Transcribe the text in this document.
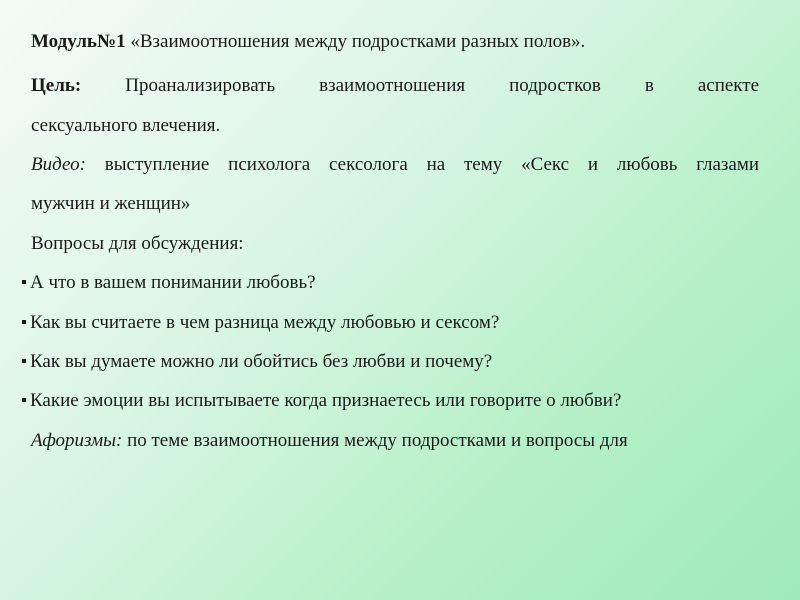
Модуль№1 «Взаимоотношения между подростками разных полов».
Цель: Проанализировать взаимоотношения подростков в аспекте
сексуального влечения.
Видео: выступление психолога сексолога на тему «Секс и любовь глазами
мужчин и женщин»
Вопросы для обсуждения:
А что в вашем понимании любовь?
Как вы считаете в чем разница между любовью и сексом?
Как вы думаете можно ли обойтись без любви и почему?
Какие эмоции вы испытываете когда признаетесь или говорите о любви?
Афоризмы: по теме взаимоотношения между подростками и вопросы для
